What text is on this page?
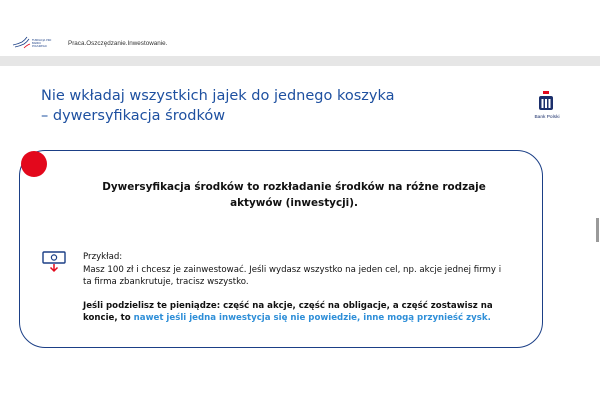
FUNDACJA PKO BANKU POLSKIEGO	Praca.Oszczędzanie.Inwestowanie.
Nie wkładaj wszystkich jajek do jednego koszyka
– dywersyfikacja środków	Bank Polski
Dywersyfikacja środków to rozkładanie środków na różne rodzaje aktywów (inwestycji).
Przykład:
Masz 100 zł i chcesz je zainwestować. Jeśli wydasz wszystko na jeden cel, np. akcje jednej firmy i ta firma zbankrutuje, tracisz wszystko.
Jeśli podzielisz te pieniądze: część na akcje, część na obligacje, a część zostawisz na koncie, to nawet jeśli jedna inwestycja się nie powiedzie, inne mogą przynieść zysk.
